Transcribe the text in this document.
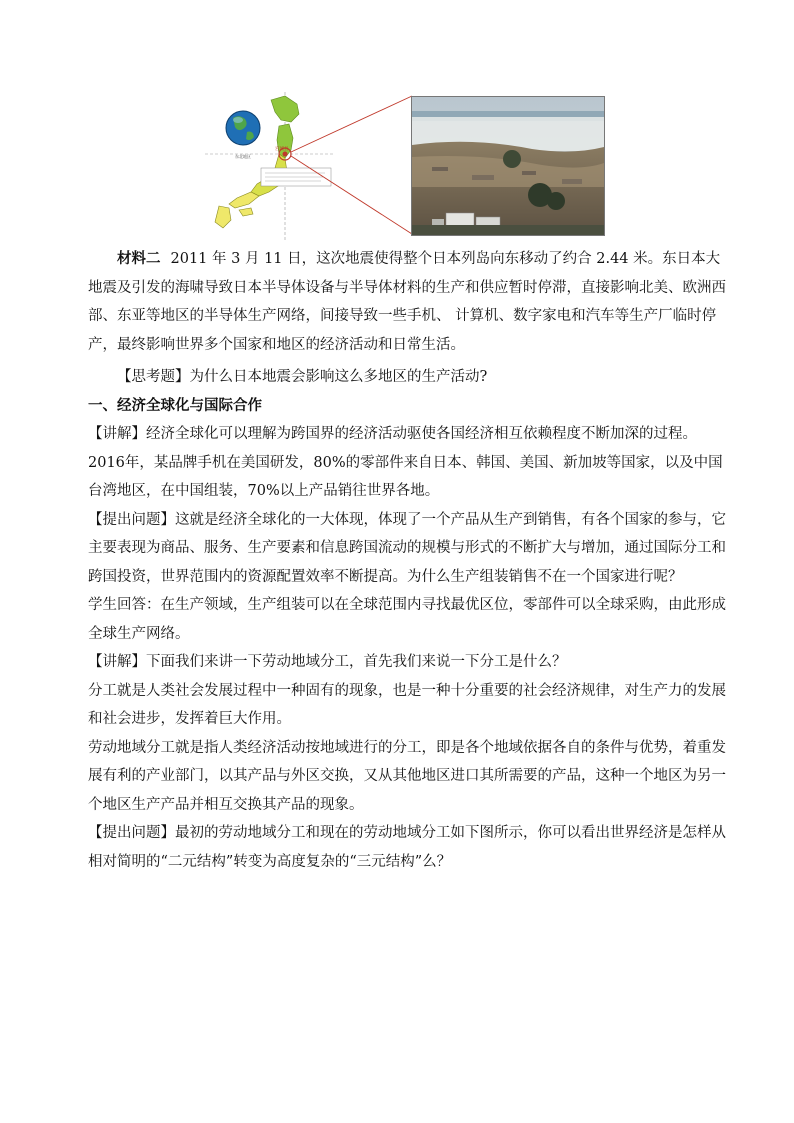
宫城县
东北地区

材料二 2011 年 3 月 11 日，这次地震使得整个日本列岛向东移动了约合 2.44 米。东日本大地震及引发的海啸导致日本半导体设备与半导体材料的生产和供应暂时停滞，直接影响北美、欧洲西部、东亚等地区的半导体生产网络，间接导致一些手机、 计算机、数字家电和汽车等生产厂临时停产，最终影响世界多个国家和地区的经济活动和日常生活。

【思考题】为什么日本地震会影响这么多地区的生产活动?

一、经济全球化与国际合作

【讲解】经济全球化可以理解为跨国界的经济活动驱使各国经济相互依赖程度不断加深的过程。2016年，某品牌手机在美国研发，80%的零部件来自日本、韩国、美国、新加坡等国家，以及中国台湾地区，在中国组装，70%以上产品销往世界各地。

【提出问题】这就是经济全球化的一大体现，体现了一个产品从生产到销售，有各个国家的参与，它主要表现为商品、服务、生产要素和信息跨国流动的规模与形式的不断扩大与增加，通过国际分工和跨国投资，世界范围内的资源配置效率不断提高。为什么生产组装销售不在一个国家进行呢？

学生回答：在生产领域，生产组装可以在全球范围内寻找最优区位，零部件可以全球采购，由此形成全球生产网络。

【讲解】下面我们来讲一下劳动地域分工，首先我们来说一下分工是什么？

分工就是人类社会发展过程中一种固有的现象，也是一种十分重要的社会经济规律，对生产力的发展和社会进步，发挥着巨大作用。

劳动地域分工就是指人类经济活动按地域进行的分工，即是各个地域依据各自的条件与优势，着重发展有利的产业部门，以其产品与外区交换，又从其他地区进口其所需要的产品，这种一个地区为另一个地区生产产品并相互交换其产品的现象。

【提出问题】最初的劳动地域分工和现在的劳动地域分工如下图所示，你可以看出世界经济是怎样从相对简明的“二元结构”转变为高度复杂的“三元结构”么？
